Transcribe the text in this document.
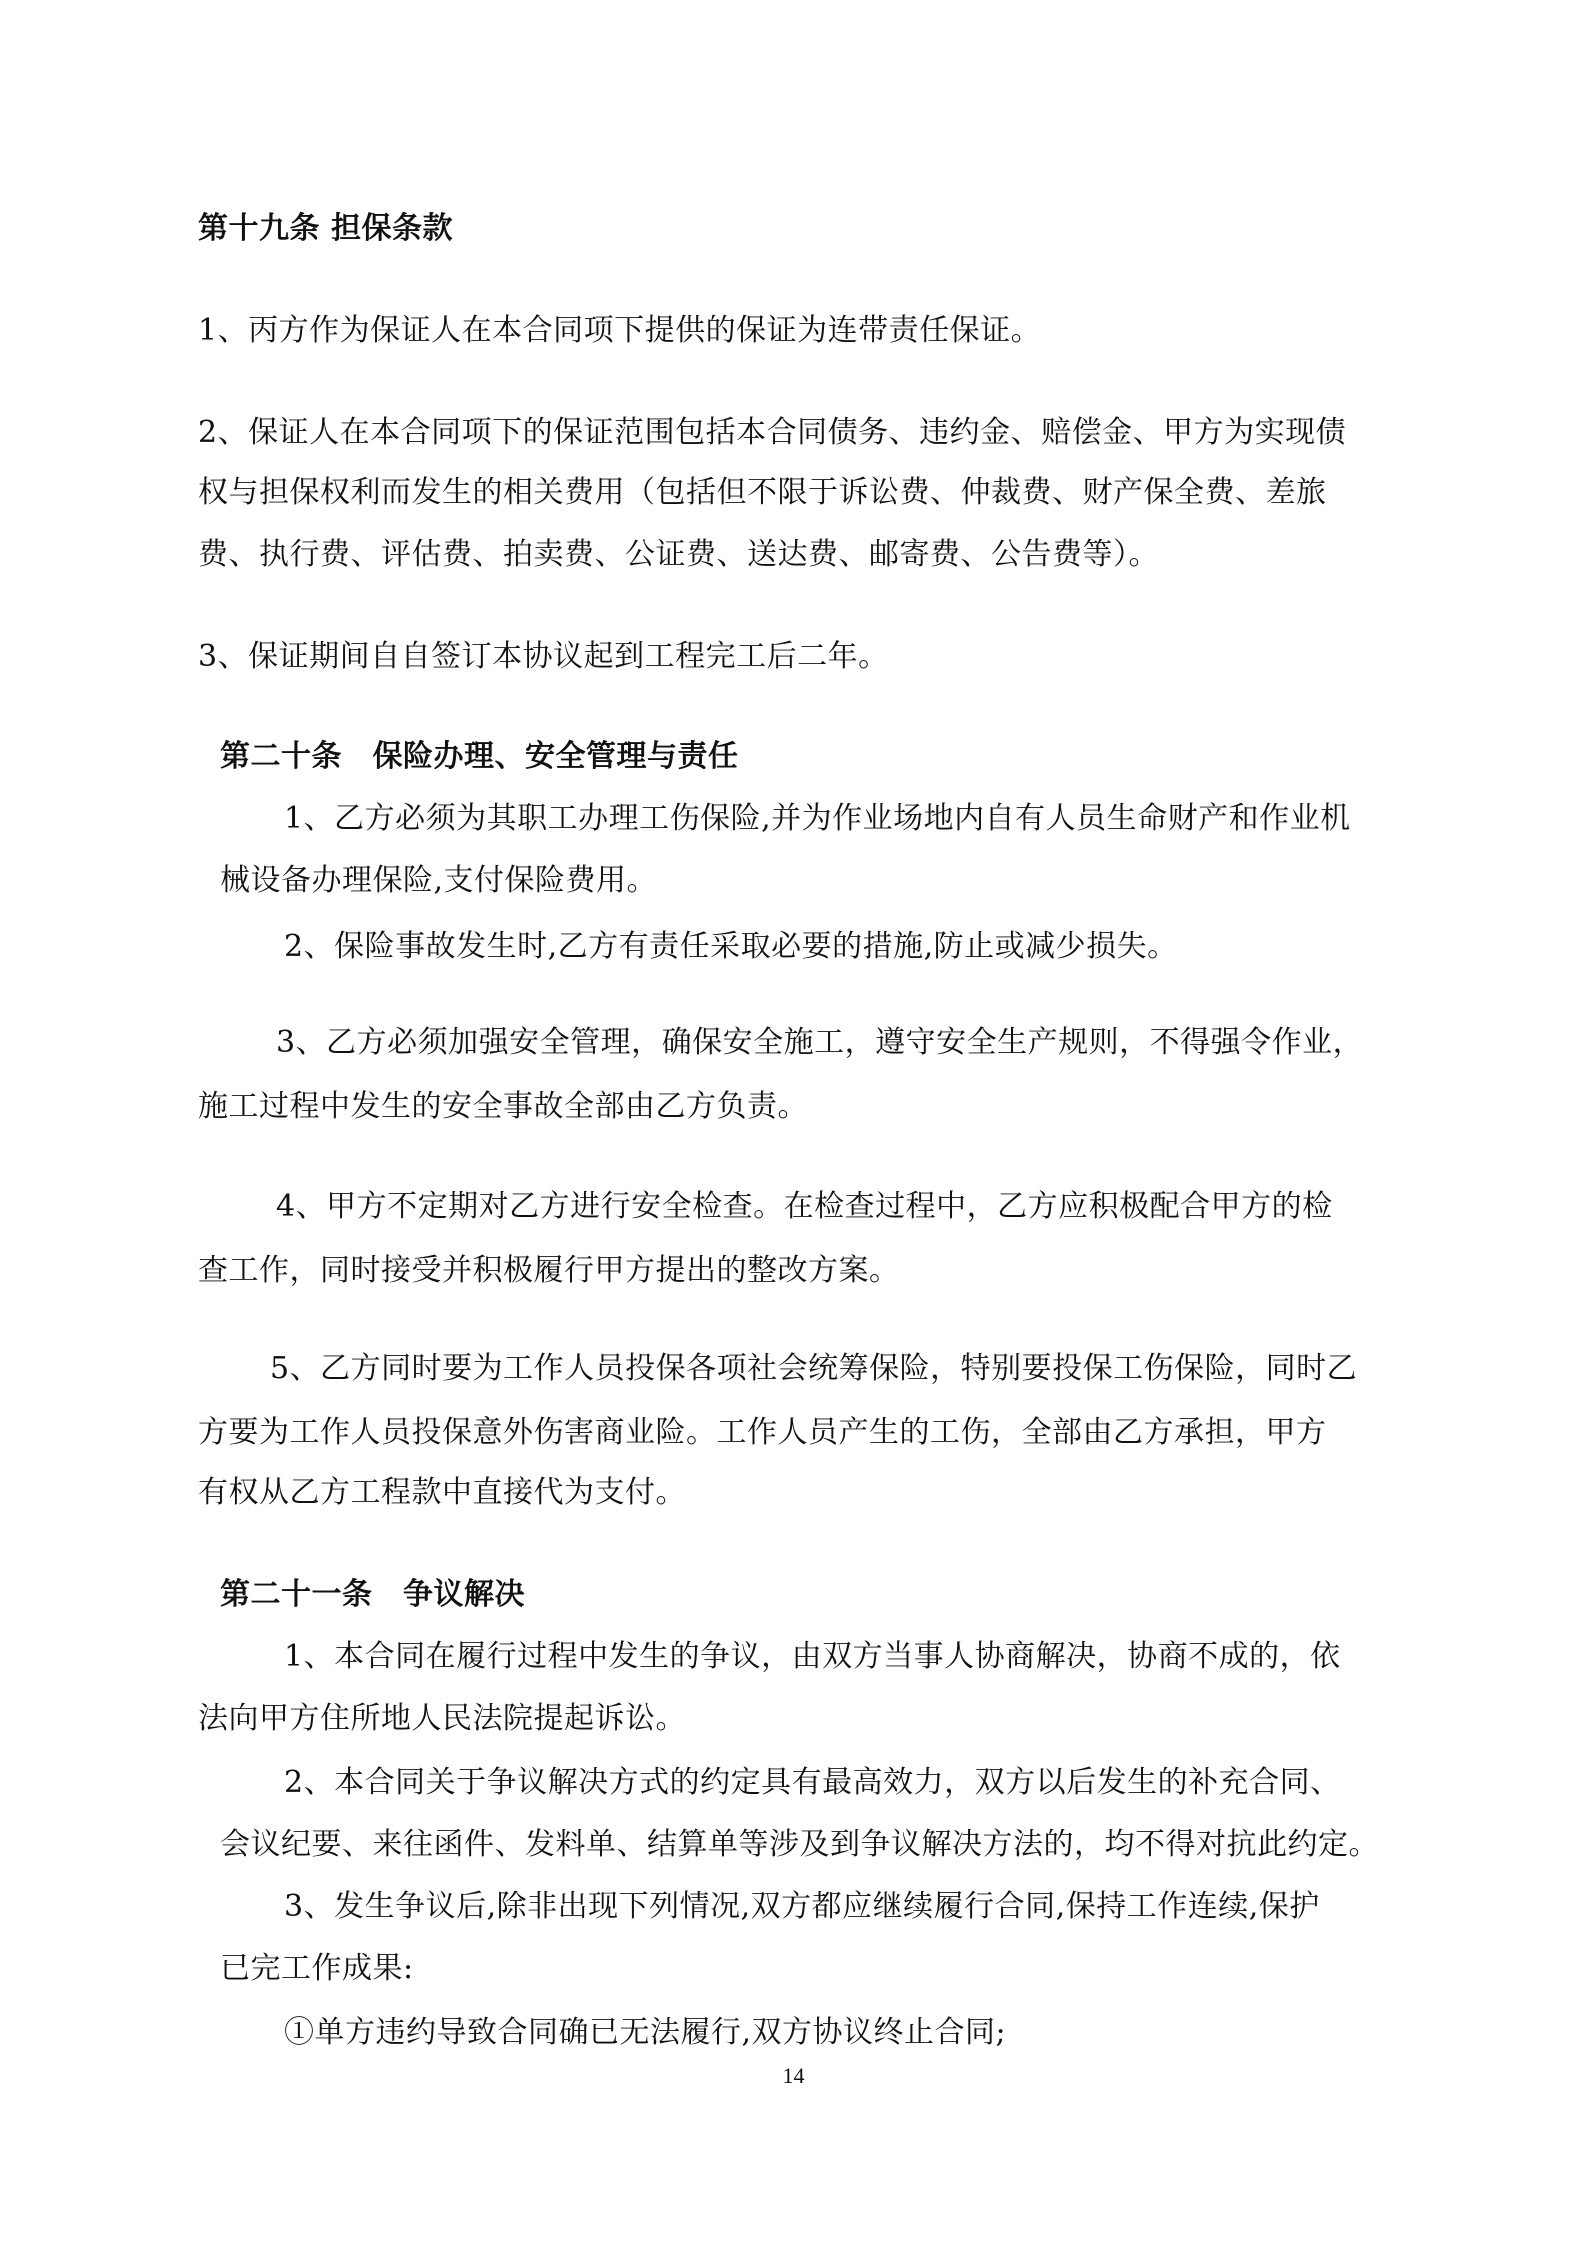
第十九条 担保条款
1、丙方作为保证人在本合同项下提供的保证为连带责任保证。
2、保证人在本合同项下的保证范围包括本合同债务、违约金、赔偿金、甲方为实现债
权与担保权利而发生的相关费用（包括但不限于诉讼费、仲裁费、财产保全费、差旅
费、执行费、评估费、拍卖费、公证费、送达费、邮寄费、公告费等）。
3、保证期间自自签订本协议起到工程完工后二年。
第二十条　保险办理、安全管理与责任
1、乙方必须为其职工办理工伤保险,并为作业场地内自有人员生命财产和作业机
械设备办理保险,支付保险费用。
2、保险事故发生时,乙方有责任采取必要的措施,防止或减少损失。
3、乙方必须加强安全管理，确保安全施工，遵守安全生产规则，不得强令作业，
施工过程中发生的安全事故全部由乙方负责。
4、甲方不定期对乙方进行安全检查。在检查过程中，乙方应积极配合甲方的检
查工作，同时接受并积极履行甲方提出的整改方案。
5、乙方同时要为工作人员投保各项社会统筹保险，特别要投保工伤保险，同时乙
方要为工作人员投保意外伤害商业险。工作人员产生的工伤，全部由乙方承担，甲方
有权从乙方工程款中直接代为支付。
第二十一条　争议解决
1、本合同在履行过程中发生的争议，由双方当事人协商解决，协商不成的，依
法向甲方住所地人民法院提起诉讼。
2、本合同关于争议解决方式的约定具有最高效力，双方以后发生的补充合同、
会议纪要、来往函件、发料单、结算单等涉及到争议解决方法的，均不得对抗此约定。
3、发生争议后,除非出现下列情况,双方都应继续履行合同,保持工作连续,保护
已完工作成果:
①单方违约导致合同确已无法履行,双方协议终止合同;
14
